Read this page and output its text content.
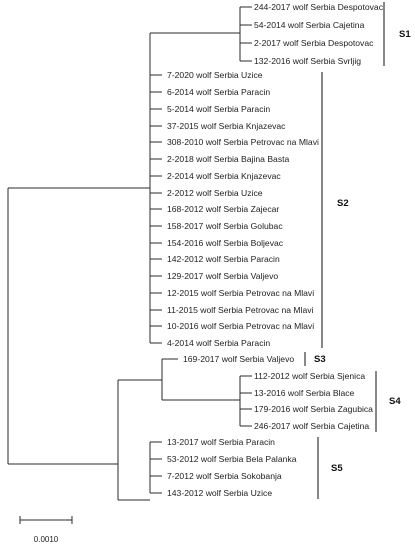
244-2017 wolf Serbia Despotovac
54-2014 wolf Serbia Cajetina
2-2017 wolf Serbia Despotovac
132-2016 wolf Serbia Svrljig
7-2020 wolf Serbia Uzice
6-2014 wolf Serbia Paracin
5-2014 wolf Serbia Paracin
37-2015 wolf Serbia Knjazevac
308-2010 wolf Serbia Petrovac na Mlavi
2-2018 wolf Serbia Bajina Basta
2-2014 wolf Serbia Knjazevac
2-2012 wolf Serbia Uzice
168-2012 wolf Serbia Zajecar
158-2017 wolf Serbia Golubac
154-2016 wolf Serbia Boljevac
142-2012 wolf Serbia Paracin
129-2017 wolf Serbia Valjevo
12-2015 wolf Serbia Petrovac na Mlavi
11-2015 wolf Serbia Petrovac na Mlavi
10-2016 wolf Serbia Petrovac na Mlavi
4-2014 wolf Serbia Paracin
169-2017 wolf Serbia Valjevo
112-2012 wolf Serbia Sjenica
13-2016 wolf Serbia Blace
179-2016 wolf Serbia Zagubica
246-2017 wolf Serbia Cajetina
13-2017 wolf Serbia Paracin
53-2012 wolf Serbia Bela Palanka
7-2012 wolf Serbia Sokobanja
143-2012 wolf Serbia Uzice
S1
S2
S3
S4
S5
0.0010
